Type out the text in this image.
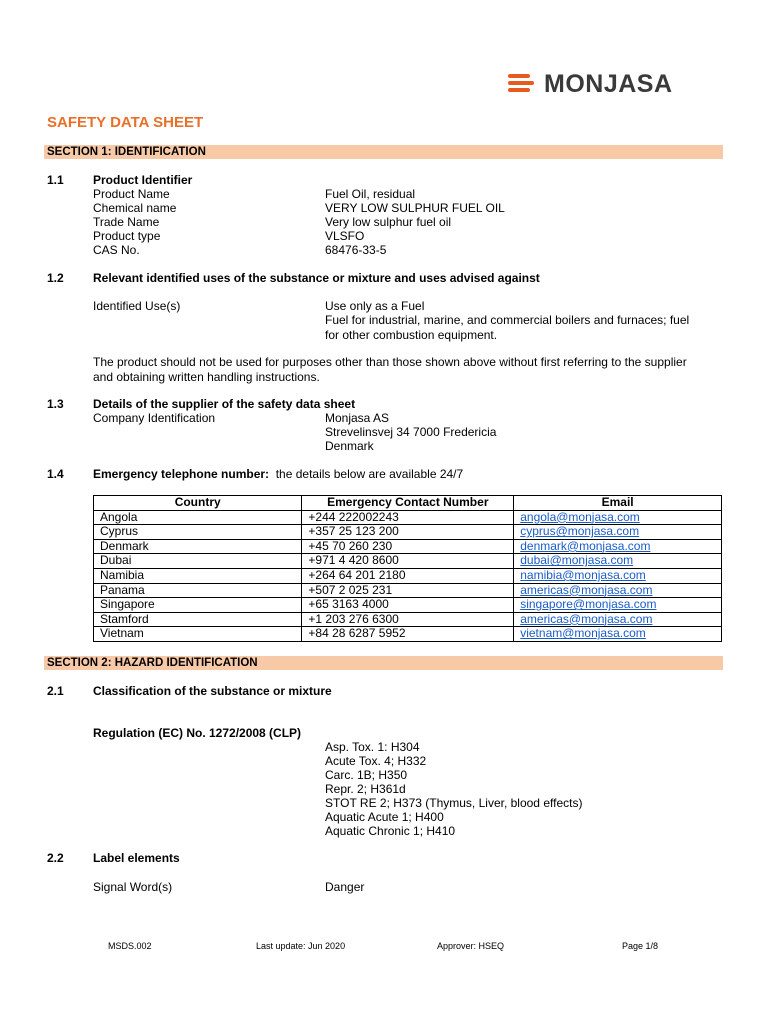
MONJASA
SAFETY DATA SHEET
SECTION 1: IDENTIFICATION
1.1 Product Identifier
Product Name	Fuel Oil, residual
Chemical name	VERY LOW SULPHUR FUEL OIL
Trade Name	Very low sulphur fuel oil
Product type	VLSFO
CAS No.	68476-33-5
1.2 Relevant identified uses of the substance or mixture and uses advised against
Identified Use(s)	Use only as a Fuel
Fuel for industrial, marine, and commercial boilers and furnaces; fuel
for other combustion equipment.
The product should not be used for purposes other than those shown above without first referring to the supplier
and obtaining written handling instructions.
1.3 Details of the supplier of the safety data sheet
Company Identification	Monjasa AS
Strevelinsvej 34 7000 Fredericia
Denmark
1.4 Emergency telephone number: the details below are available 24/7
Country	Emergency Contact Number	Email
Angola	+244 222002243	angola@monjasa.com
Cyprus	+357 25 123 200	cyprus@monjasa.com
Denmark	+45 70 260 230	denmark@monjasa.com
Dubai	+971 4 420 8600	dubai@monjasa.com
Namibia	+264 64 201 2180	namibia@monjasa.com
Panama	+507 2 025 231	americas@monjasa.com
Singapore	+65 3163 4000	singapore@monjasa.com
Stamford	+1 203 276 6300	americas@monjasa.com
Vietnam	+84 28 6287 5952	vietnam@monjasa.com
SECTION 2: HAZARD IDENTIFICATION
2.1 Classification of the substance or mixture
Regulation (EC) No. 1272/2008 (CLP)
Asp. Tox. 1: H304
Acute Tox. 4; H332
Carc. 1B; H350
Repr. 2; H361d
STOT RE 2; H373 (Thymus, Liver, blood effects)
Aquatic Acute 1; H400
Aquatic Chronic 1; H410
2.2 Label elements
Signal Word(s)	Danger
MSDS.002	Last update: Jun 2020	Approver: HSEQ	Page 1/8
